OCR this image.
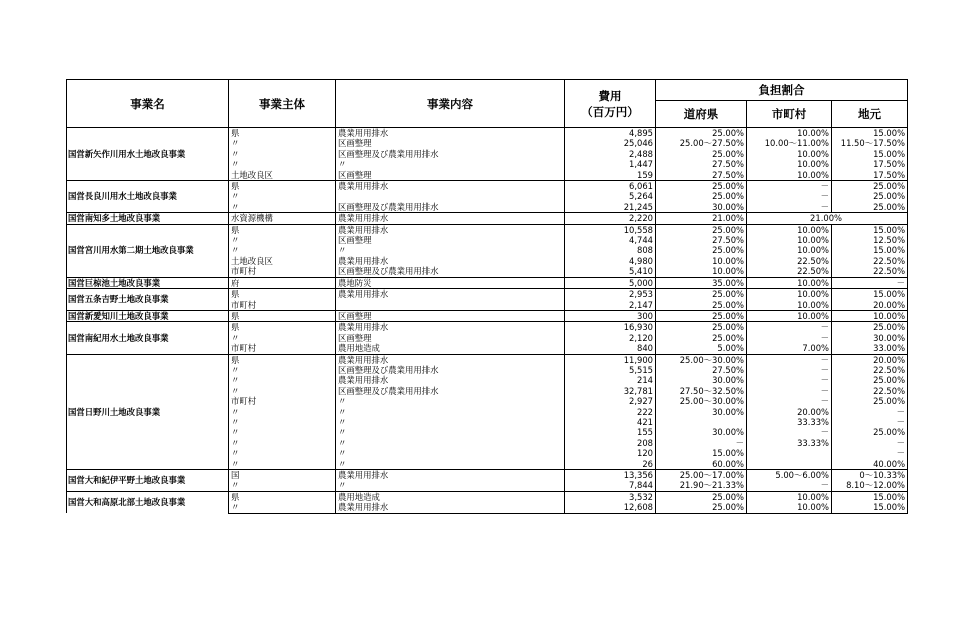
事業名	事業主体	事業内容	費用
（百万円）	負担割合		
				道府県	市町村	地元
国営新矢作川用水土地改良事業	県	農業用用排水	4,895	25.00%	10.00%	15.00%
	〃	区画整理	25,046	25.00～27.50%	10.00～11.00%	11.50～17.50%
	〃	区画整理及び農業用用排水	2,488	25.00%	10.00%	15.00%
	〃	〃	1,447	27.50%	10.00%	17.50%
	土地改良区	区画整理	159	27.50%	10.00%	17.50%
国営長良川用水土地改良事業	県	農業用用排水	6,061	25.00%	－	25.00%
	〃		5,264	25.00%	－	25.00%
	〃	区画整理及び農業用用排水	21,245	30.00%	－	25.00%
国営南知多土地改良事業	水資源機構	農業用用排水	2,220	21.00%	21.00%	
国営宮川用水第二期土地改良事業	県	農業用用排水	10,558	25.00%	10.00%	15.00%
	〃	区画整理	4,744	27.50%	10.00%	12.50%
	〃	〃	808	25.00%	10.00%	15.00%
	土地改良区	農業用用排水	4,980	10.00%	22.50%	22.50%
	市町村	区画整理及び農業用用排水	5,410	10.00%	22.50%	22.50%
国営巨椋池土地改良事業	府	農地防災	5,000	35.00%	10.00%	－
国営五条吉野土地改良事業	県	農業用用排水	2,953	25.00%	10.00%	15.00%
	市町村		2,147	25.00%	10.00%	20.00%
国営新愛知川土地改良事業	県	区画整理	300	25.00%	10.00%	10.00%
国営南紀用水土地改良事業	県	農業用用排水	16,930	25.00%	－	25.00%
	〃	区画整理	2,120	25.00%	－	30.00%
	市町村	農用地造成	840	5.00%	7.00%	33.00%
国営日野川土地改良事業	県	農業用用排水	11,900	25.00～30.00%	－	20.00%
	〃	区画整理及び農業用用排水	5,515	27.50%	－	22.50%
	〃	農業用用排水	214	30.00%	－	25.00%
	〃	区画整理及び農業用用排水	32,781	27.50～32.50%	－	22.50%
	市町村	〃	2,927	25.00～30.00%	－	25.00%
	〃	〃	222	30.00%	20.00%	－
	〃	〃	421		33.33%	－
	〃	〃	155	30.00%	－	25.00%
	〃	〃	208	－	33.33%	－
	〃	〃	120	15.00%		－
	〃	〃	26	60.00%		40.00%
国営大和紀伊平野土地改良事業	国	農業用用排水	13,356	25.00～17.00%	5.00～6.00%	0～10.33%
	〃	〃	7,844	21.90～21.33%	－	8.10～12.00%
国営大和高原北部土地改良事業	県	農用地造成	3,532	25.00%	10.00%	15.00%
	〃	農業用用排水	12,608	25.00%	10.00%	15.00%
